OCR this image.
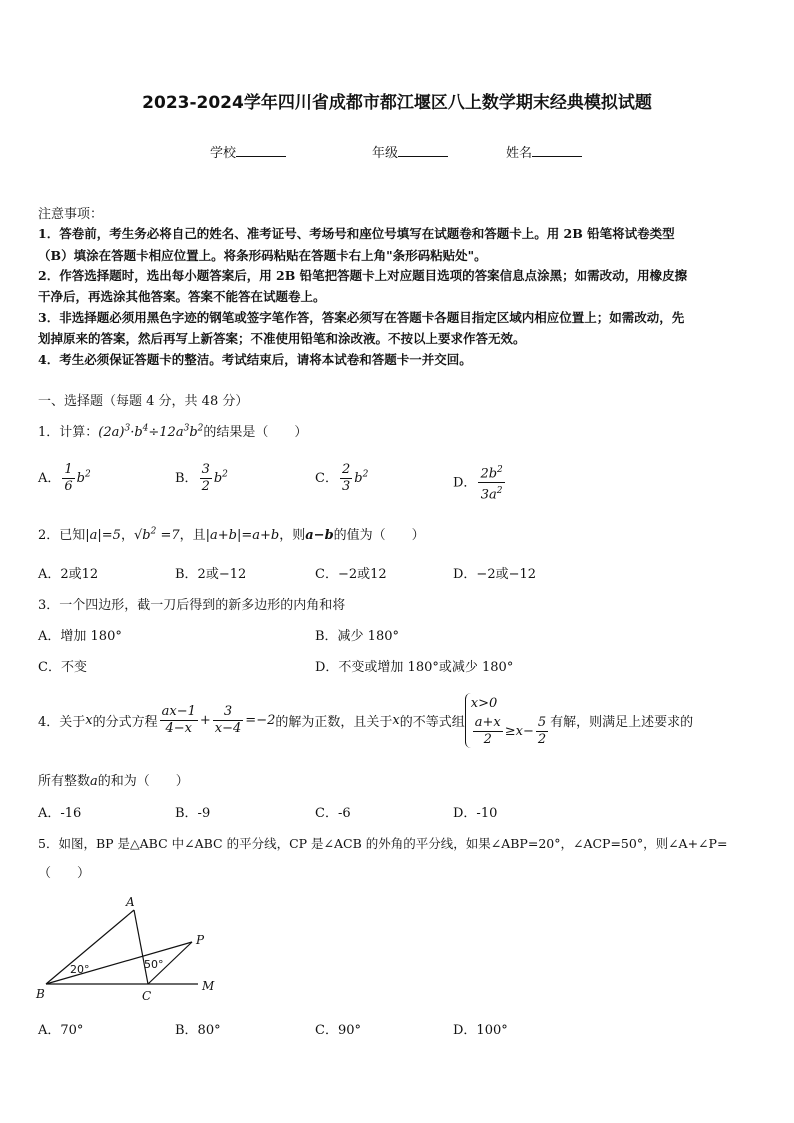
2023-2024学年四川省成都市都江堰区八上数学期末经典模拟试题
学校	年级	姓名
注意事项：
1．答卷前，考生务必将自己的姓名、准考证号、考场号和座位号填写在试题卷和答题卡上。用 2B 铅笔将试卷类型
（B）填涂在答题卡相应位置上。将条形码粘贴在答题卡右上角"条形码粘贴处"。
2．作答选择题时，选出每小题答案后，用 2B 铅笔把答题卡上对应题目选项的答案信息点涂黑；如需改动，用橡皮擦
干净后，再选涂其他答案。答案不能答在试题卷上。
3．非选择题必须用黑色字迹的钢笔或签字笔作答，答案必须写在答题卡各题目指定区域内相应位置上；如需改动，先
划掉原来的答案，然后再写上新答案；不准使用铅笔和涂改液。不按以上要求作答无效。
4．考生必须保证答题卡的整洁。考试结束后，请将本试卷和答题卡一并交回。
一、选择题（每题 4 分，共 48 分）
1．计算：$(2a)^3\cdot b^4\div 12a^3b^2$的结果是（　　）
A． $\frac{1}{6} b^2$	B． $\frac{3}{2} b^2$	C． $\frac{2}{3} b^2$
D． $\frac{2b^2}{3a^2}$
2．已知|a|=5，$√b^2 =7$，且|a+b|=a+b，则a−b的值为（　　）
A．2或12	B．2或−12	C．−2或12	D．−2或−12
3．一个四边形，截一刀后得到的新多边形的内角和将
A．增加 180°	B．减少 180°
C．不变	D．不变或增加 180°或减少 180°
4．关于 x 的分式方程 $\frac{ax-1}{4-x} + \frac{3}{x-4} =-2$ 的解为正数，且关于 x 的不等式组
x>0
$\frac{a+x}{2} \ge x- \frac{5}{2}$ 有解，则满足上述要求的
所有整数a的和为（　　）
A．-16	B．-9	C．-6	D．-10
5．如图，BP 是△ABC 中∠ABC 的平分线，CP 是∠ACB 的外角的平分线，如果∠ABP=20°，∠ACP=50°，则∠A+∠P=
（　　）
A
B	C
P
M
20°	50°
A．70°	B．80°	C．90°	D．100°
